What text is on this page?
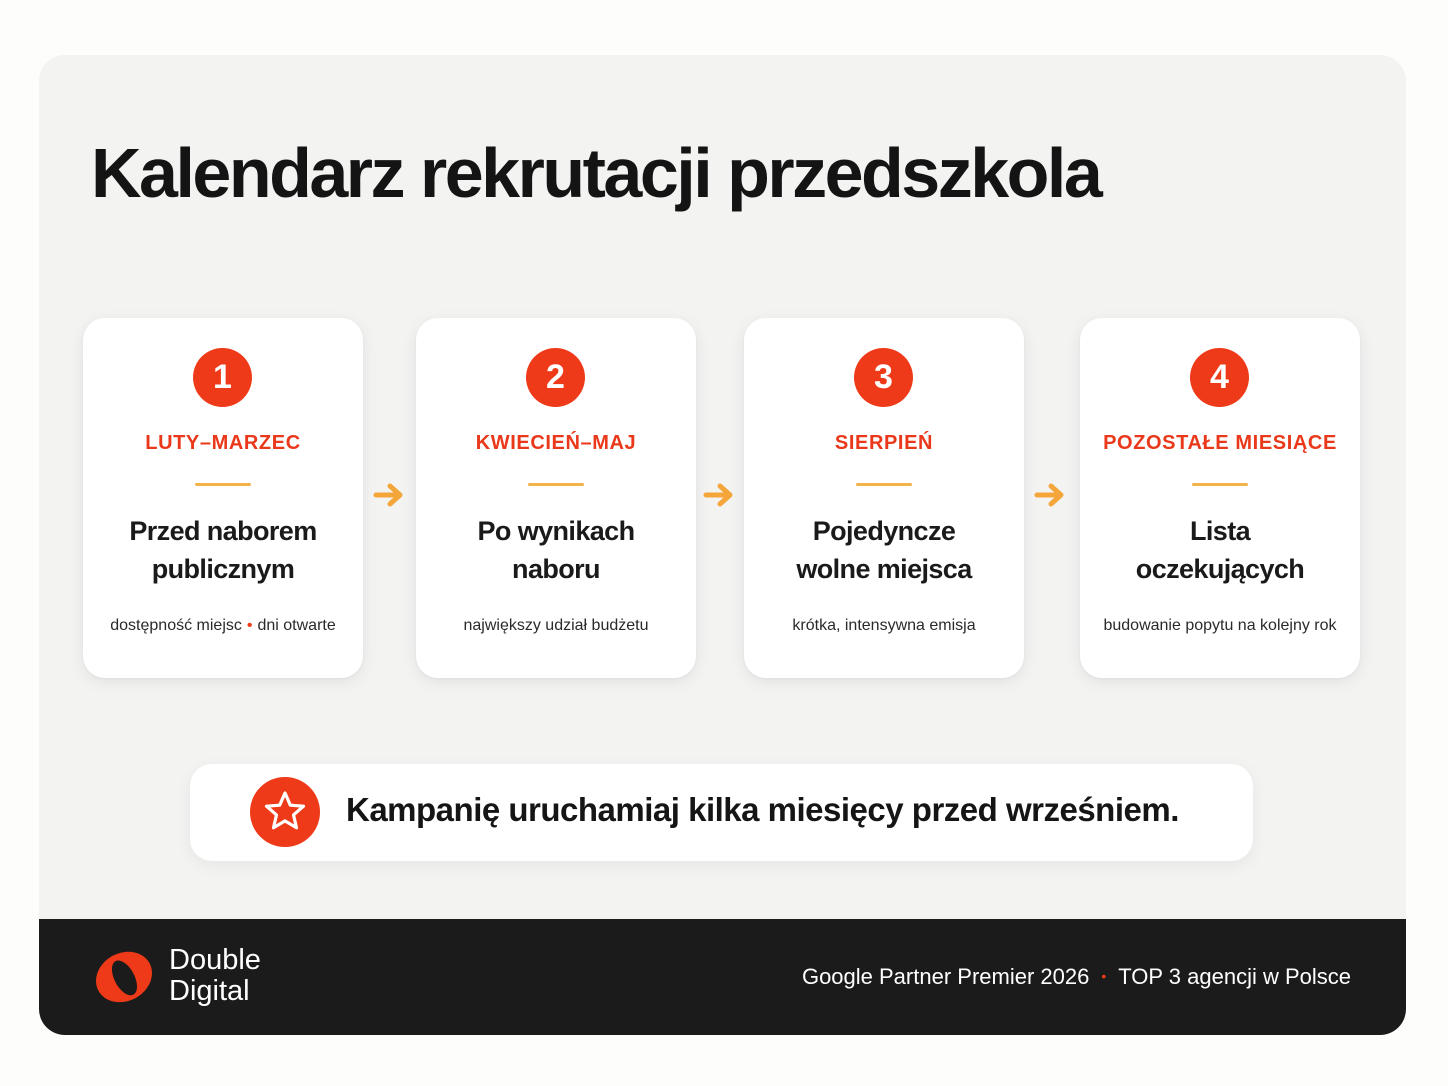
Kalendarz rekrutacji przedszkola
1
LUTY–MARZEC
Przed naborem
publicznym
dostępność miejsc • dni otwarte
2
KWIECIEŃ–MAJ
Po wynikach
naboru
największy udział budżetu
3
SIERPIEŃ
Pojedyncze
wolne miejsca
krótka, intensywna emisja
4
POZOSTAŁE MIESIĄCE
Lista
oczekujących
budowanie popytu na kolejny rok
Kampanię uruchamiaj kilka miesięcy przed wrześniem.
Double
Digital	Google Partner Premier 2026 • TOP 3 agencji w Polsce
